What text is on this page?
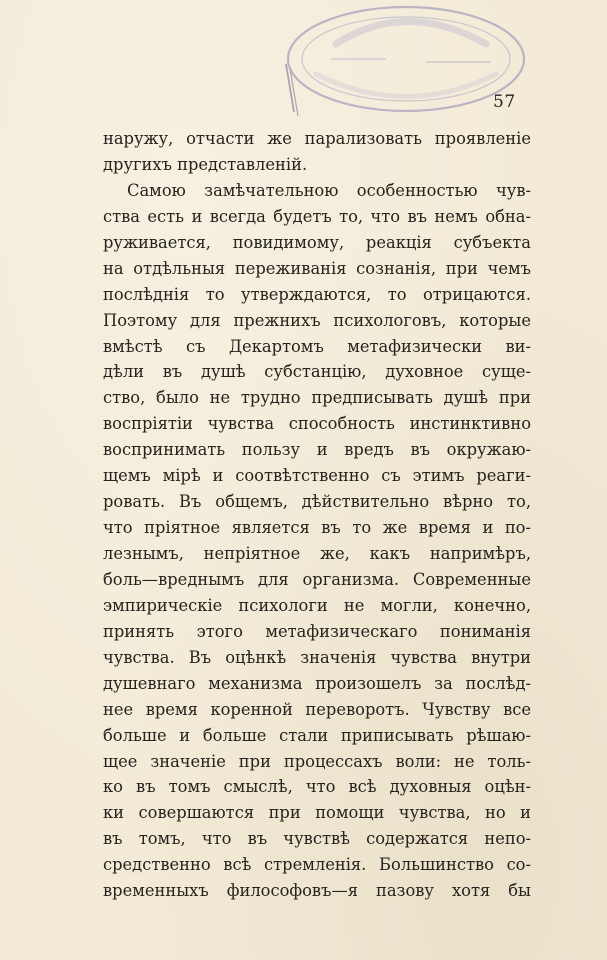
57
наружу, отчасти же парализовать проявленіе
другихъ представленій.
Самою замѣчательною особенностью чув-
ства есть и всегда будетъ то, что въ немъ обна-
руживается, повидимому, реакція субъекта
на отдѣльныя переживанія сознанія, при чемъ
послѣднія то утверждаются, то отрицаются.
Поэтому для прежнихъ психологовъ, которые
вмѣстѣ съ Декартомъ метафизически ви-
дѣли въ душѣ субстанцію, духовное суще-
ство, было не трудно предписывать душѣ при
воспріятіи чувства способность инстинктивно
воспринимать пользу и вредъ въ окружаю-
щемъ мірѣ и соотвѣтственно съ этимъ реаги-
ровать. Въ общемъ, дѣйствительно вѣрно то,
что пріятное является въ то же время и по-
лезнымъ, непріятное же, какъ напримѣръ,
боль—вреднымъ для организма. Современные
эмпирическіе психологи не могли, конечно,
принять этого метафизическаго пониманія
чувства. Въ оцѣнкѣ значенія чувства внутри
душевнаго механизма произошелъ за послѣд-
нее время коренной переворотъ. Чувству все
больше и больше стали приписывать рѣшаю-
щее значеніе при процессахъ воли: не толь-
ко въ томъ смыслѣ, что всѣ духовныя оцѣн-
ки совершаются при помощи чувства, но и
въ томъ, что въ чувствѣ содержатся непо-
средственно всѣ стремленія. Большинство со-
временныхъ философовъ—я пазову хотя бы
